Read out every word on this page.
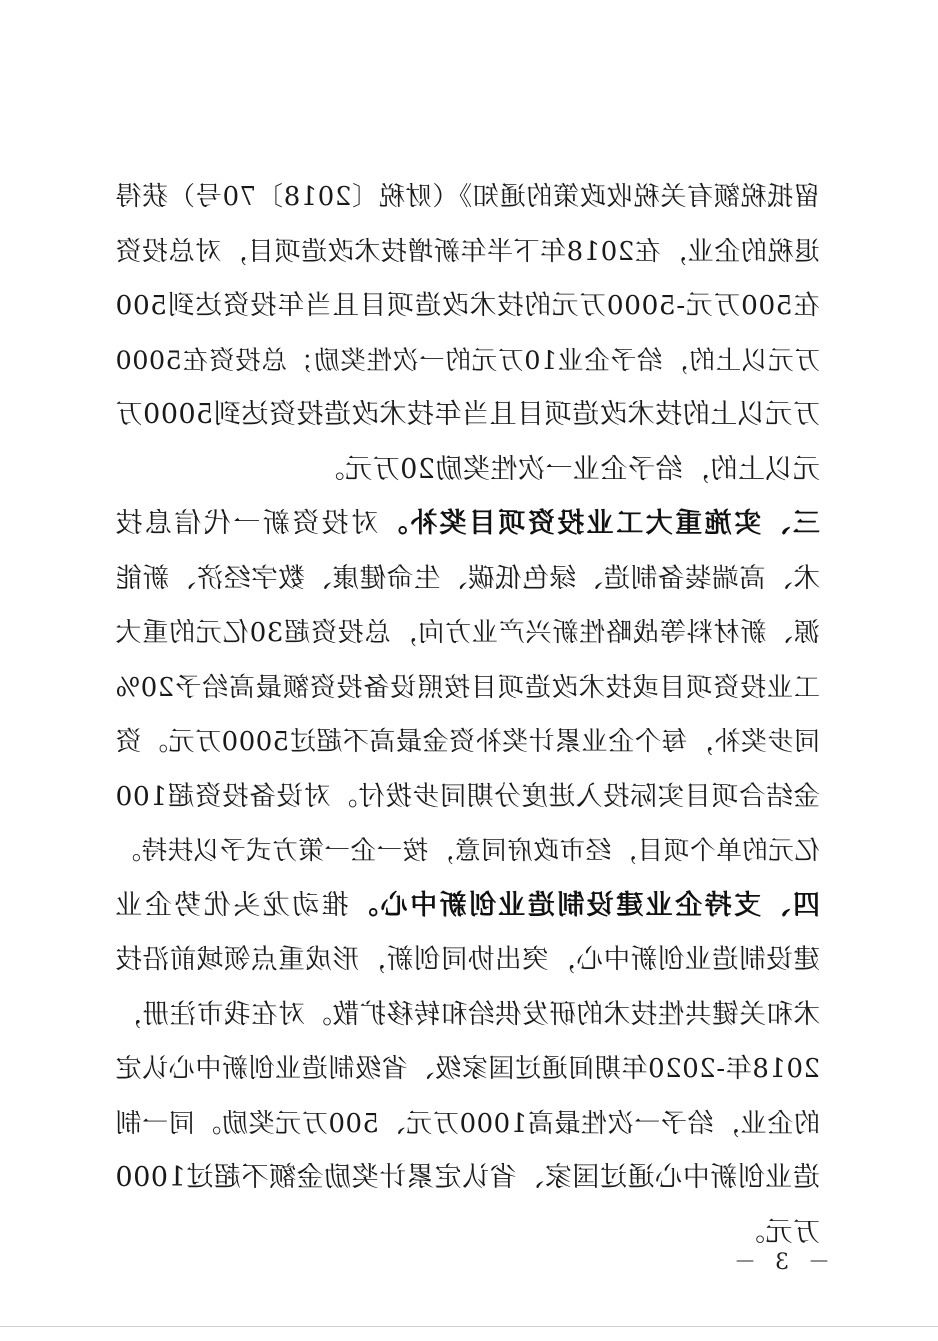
留抵税额有关税收政策的通知》（财税〔2018〕70号）获得
退税的企业，在2018年下半年新增技术改造项目，对总投资
在500万元-5000万元的技术改造项目且当年投资达到500
万元以上的，给予企业10万元的一次性奖励；总投资在5000
万元以上的技术改造项目且当年技术改造投资达到5000万
元以上的，给予企业一次性奖励20万元。
三、实施重大工业投资项目奖补。对投资新一代信息技
术、高端装备制造、绿色低碳、生命健康、数字经济、新能
源、新材料等战略性新兴产业方向，总投资超30亿元的重大
工业投资项目或技术改造项目按照设备投资额最高给予20%
同步奖补，每个企业累计奖补资金最高不超过5000万元。资
金结合项目实际投入进度分期同步拨付。对设备投资超100
亿元的单个项目，经市政府同意，按一企一策方式予以扶持。
四、支持企业建设制造业创新中心。推动龙头优势企业
建设制造业创新中心，突出协同创新，形成重点领域前沿技
术和关键共性技术的研发供给和转移扩散。对在我市注册，
2018年-2020年期间通过国家级、省级制造业创新中心认定
的企业，给予一次性最高1000万元、500万元奖励。同一制
造业创新中心通过国家、省认定累计奖励金额不超过1000
万元。
－ 3 －
